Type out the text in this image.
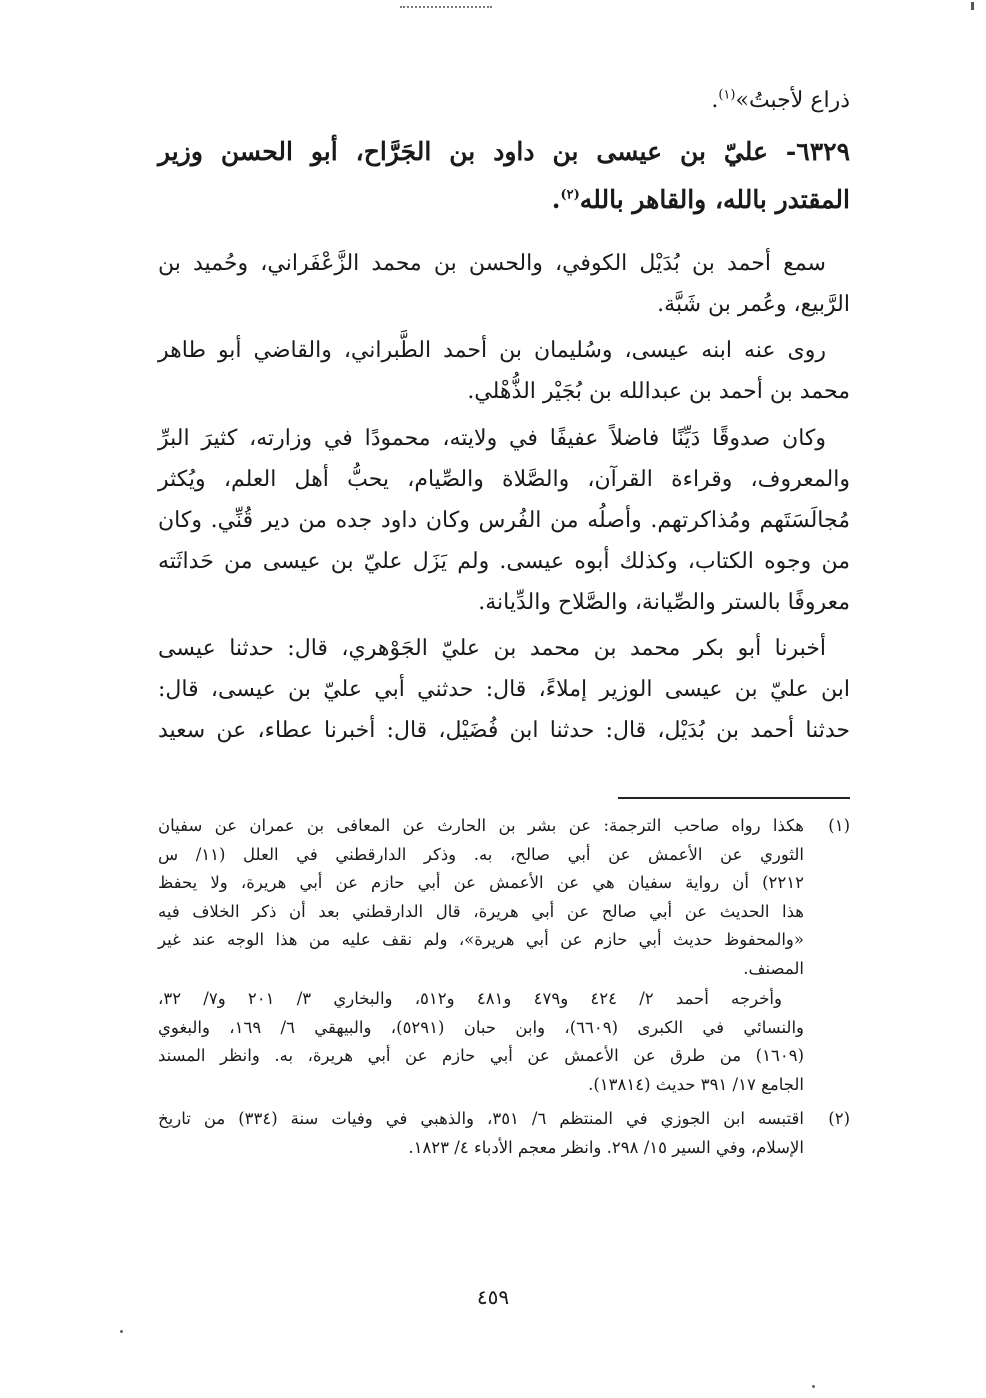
ذراع لأجبتُ»$^{(١)}$.

٦٣٢٩- عليّ بن عيسى بن داود بن الجَرَّاح، أبو الحسن وزير
المقتدر بالله، والقاهر بالله$^{(٢)}$.

سمع أحمد بن بُدَيْل الكوفي، والحسن بن محمد الزَّعْفَراني، وحُميد بن
الرَّبيع، وعُمر بن شَبَّة.

روى عنه ابنه عيسى، وسُليمان بن أحمد الطَّبراني، والقاضي أبو طاهر
محمد بن أحمد بن عبدالله بن بُجَيْر الذُّهْلي.

وكان صدوقًا دَيِّنًا فاضلاً عفيفًا في ولايته، محمودًا في وزارته، كثيرَ البرِّ
والمعروف، وقراءة القرآن، والصَّلاة والصِّيام، يحبُّ أهل العلم، ويُكثر
مُجالَسَتَهم ومُذاكرتهم. وأصلُه من الفُرس وكان داود جده من دير قُنِّي. وكان
من وجوه الكتاب، وكذلك أبوه عيسى. ولم يَزَل عليّ بن عيسى من حَداثَته
معروفًا بالستر والصِّيانة، والصَّلاح والدِّيانة.

أخبرنا أبو بكر محمد بن محمد بن عليّ الجَوْهري، قال: حدثنا عيسى
ابن عليّ بن عيسى الوزير إملاءً، قال: حدثني أبي عليّ بن عيسى، قال:
حدثنا أحمد بن بُدَيْل، قال: حدثنا ابن فُضَيْل، قال: أخبرنا عطاء، عن سعيد

(١)
هكذا رواه صاحب الترجمة: عن بشر بن الحارث عن المعافى بن عمران عن سفيان
الثوري عن الأعمش عن أبي صالح، به. وذكر الدارقطني في العلل (١١/ س
٢٢١٢) أن رواية سفيان هي عن الأعمش عن أبي حازم عن أبي هريرة، ولا يحفظ
هذا الحديث عن أبي صالح عن أبي هريرة، قال الدارقطني بعد أن ذكر الخلاف فيه
«والمحفوظ حديث أبي حازم عن أبي هريرة»، ولم نقف عليه من هذا الوجه عند غير
المصنف.
وأخرجه أحمد ٢/ ٤٢٤ و٤٧٩ و٤٨١ و٥١٢، والبخاري ٣/ ٢٠١ و٧/ ٣٢،
والنسائي في الكبرى (٦٦٠٩)، وابن حبان (٥٢٩١)، والبيهقي ٦/ ١٦٩، والبغوي
(١٦٠٩) من طرق عن الأعمش عن أبي حازم عن أبي هريرة، به. وانظر المسند
الجامع ١٧/ ٣٩١ حديث (١٣٨١٤).
(٢)
اقتبسه ابن الجوزي في المنتظم ٦/ ٣٥١، والذهبي في وفيات سنة (٣٣٤) من تاريخ
الإسلام، وفي السير ١٥/ ٢٩٨. وانظر معجم الأدباء ٤/ ١٨٢٣.

٤٥٩
